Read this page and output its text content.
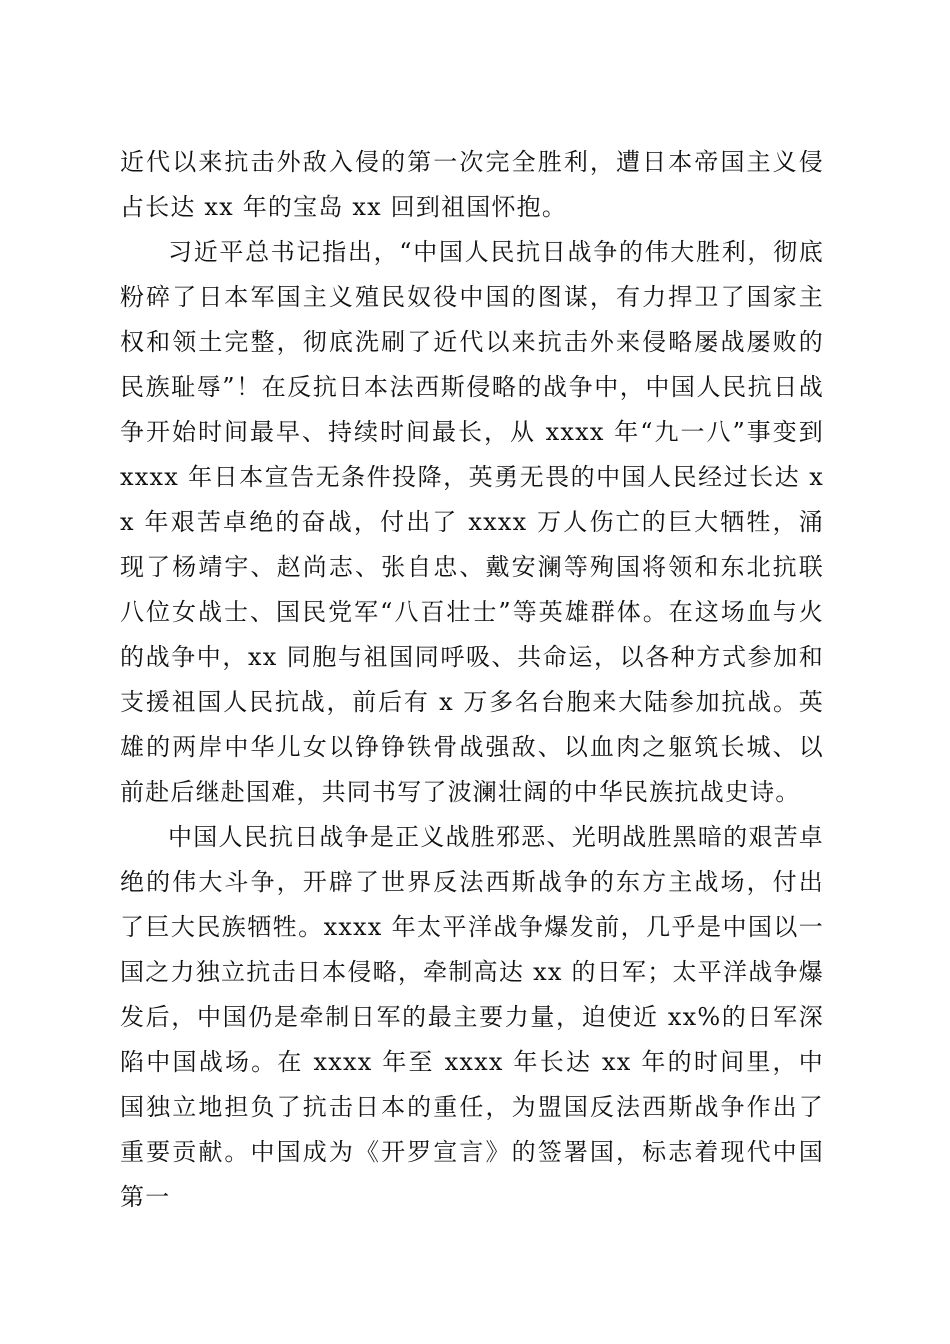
近代以来抗击外敌入侵的第一次完全胜利，遭日本帝国主义侵占长达 xx 年的宝岛 xx 回到祖国怀抱。

习近平总书记指出，“中国人民抗日战争的伟大胜利，彻底粉碎了日本军国主义殖民奴役中国的图谋，有力捍卫了国家主权和领土完整，彻底洗刷了近代以来抗击外来侵略屡战屡败的民族耻辱”！在反抗日本法西斯侵略的战争中，中国人民抗日战争开始时间最早、持续时间最长，从 xxxx 年“九一八”事变到 xxxx 年日本宣告无条件投降，英勇无畏的中国人民经过长达 xx 年艰苦卓绝的奋战，付出了 xxxx 万人伤亡的巨大牺牲，涌现了杨靖宇、赵尚志、张自忠、戴安澜等殉国将领和东北抗联八位女战士、国民党军“八百壮士”等英雄群体。在这场血与火的战争中，xx 同胞与祖国同呼吸、共命运，以各种方式参加和支援祖国人民抗战，前后有 x 万多名台胞来大陆参加抗战。英雄的两岸中华儿女以铮铮铁骨战强敌、以血肉之躯筑长城、以前赴后继赴国难，共同书写了波澜壮阔的中华民族抗战史诗。

中国人民抗日战争是正义战胜邪恶、光明战胜黑暗的艰苦卓绝的伟大斗争，开辟了世界反法西斯战争的东方主战场，付出了巨大民族牺牲。xxxx 年太平洋战争爆发前，几乎是中国以一国之力独立抗击日本侵略，牵制高达 xx 的日军；太平洋战争爆发后，中国仍是牵制日军的最主要力量，迫使近 xx%的日军深陷中国战场。在 xxxx 年至 xxxx 年长达 xx 年的时间里，中国独立地担负了抗击日本的重任，为盟国反法西斯战争作出了重要贡献。中国成为《开罗宣言》的签署国，标志着现代中国第一
